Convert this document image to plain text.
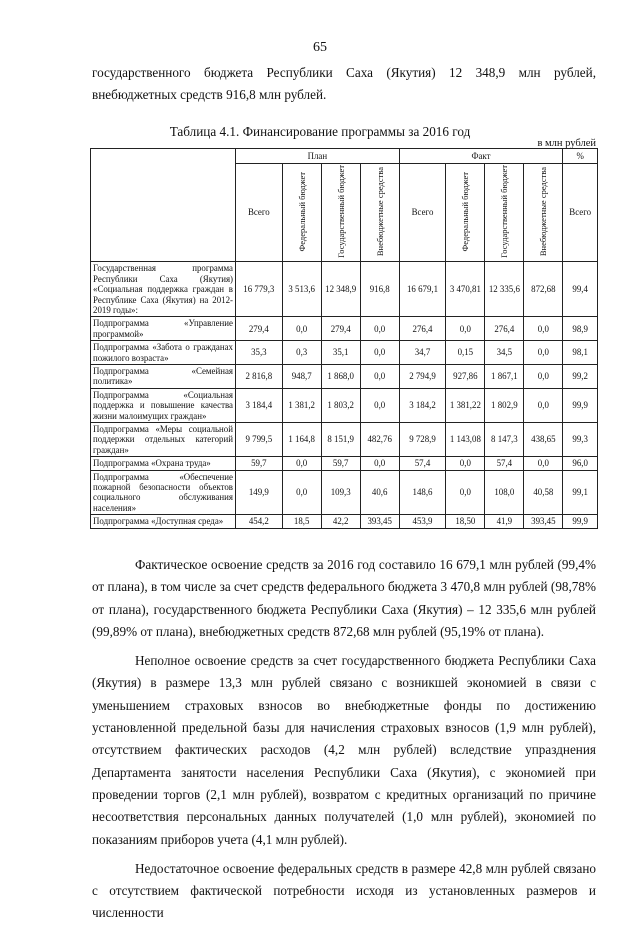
65

государственного бюджета Республики Саха (Якутия) 12 348,9 млн рублей, внебюджетных средств 916,8 млн рублей.

Таблица 4.1. Финансирование программы за 2016 год
в млн рублей
	План				Факт				%
	Всего	Федеральный бюджет	Государственный бюджет	Внебюджетные средства	Всего	Федеральный бюджет	Государственный бюджет	Внебюджетные средства	Всего
Государственная программа Республики Саха (Якутия) «Социальная поддержка граждан в Республике Саха (Якутия) на 2012-2019 годы»:	16 779,3	3 513,6	12 348,9	916,8	16 679,1	3 470,81	12 335,6	872,68	99,4
Подпрограмма «Управление программой»	279,4	0,0	279,4	0,0	276,4	0,0	276,4	0,0	98,9
Подпрограмма «Забота о гражданах пожилого возраста»	35,3	0,3	35,1	0,0	34,7	0,15	34,5	0,0	98,1
Подпрограмма «Семейная политика»	2 816,8	948,7	1 868,0	0,0	2 794,9	927,86	1 867,1	0,0	99,2
Подпрограмма «Социальная поддержка и повышение качества жизни малоимущих граждан»	3 184,4	1 381,2	1 803,2	0,0	3 184,2	1 381,22	1 802,9	0,0	99,9
Подпрограмма «Меры социальной поддержки отдельных категорий граждан»	9 799,5	1 164,8	8 151,9	482,76	9 728,9	1 143,08	8 147,3	438,65	99,3
Подпрограмма «Охрана труда»	59,7	0,0	59,7	0,0	57,4	0,0	57,4	0,0	96,0
Подпрограмма «Обеспечение пожарной безопасности объектов социального обслуживания населения»	149,9	0,0	109,3	40,6	148,6	0,0	108,0	40,58	99,1
Подпрограмма «Доступная среда»	454,2	18,5	42,2	393,45	453,9	18,50	41,9	393,45	99,9

Фактическое освоение средств за 2016 год составило 16 679,1 млн рублей (99,4% от плана), в том числе за счет средств федерального бюджета 3 470,8 млн рублей (98,78% от плана), государственного бюджета Республики Саха (Якутия) – 12 335,6 млн рублей (99,89% от плана), внебюджетных средств 872,68 млн рублей (95,19% от плана).

Неполное освоение средств за счет государственного бюджета Республики Саха (Якутия) в размере 13,3 млн рублей связано с возникшей экономией в связи с уменьшением страховых взносов во внебюджетные фонды по достижению установленной предельной базы для начисления страховых взносов (1,9 млн рублей), отсутствием фактических расходов (4,2 млн рублей) вследствие упразднения Департамента занятости населения Республики Саха (Якутия), с экономией при проведении торгов (2,1 млн рублей), возвратом с кредитных организаций по причине несоответствия персональных данных получателей (1,0 млн рублей), экономией по показаниям приборов учета (4,1 млн рублей).

Недостаточное освоение федеральных средств в размере 42,8 млн рублей связано с отсутствием фактической потребности исходя из установленных размеров и численности
